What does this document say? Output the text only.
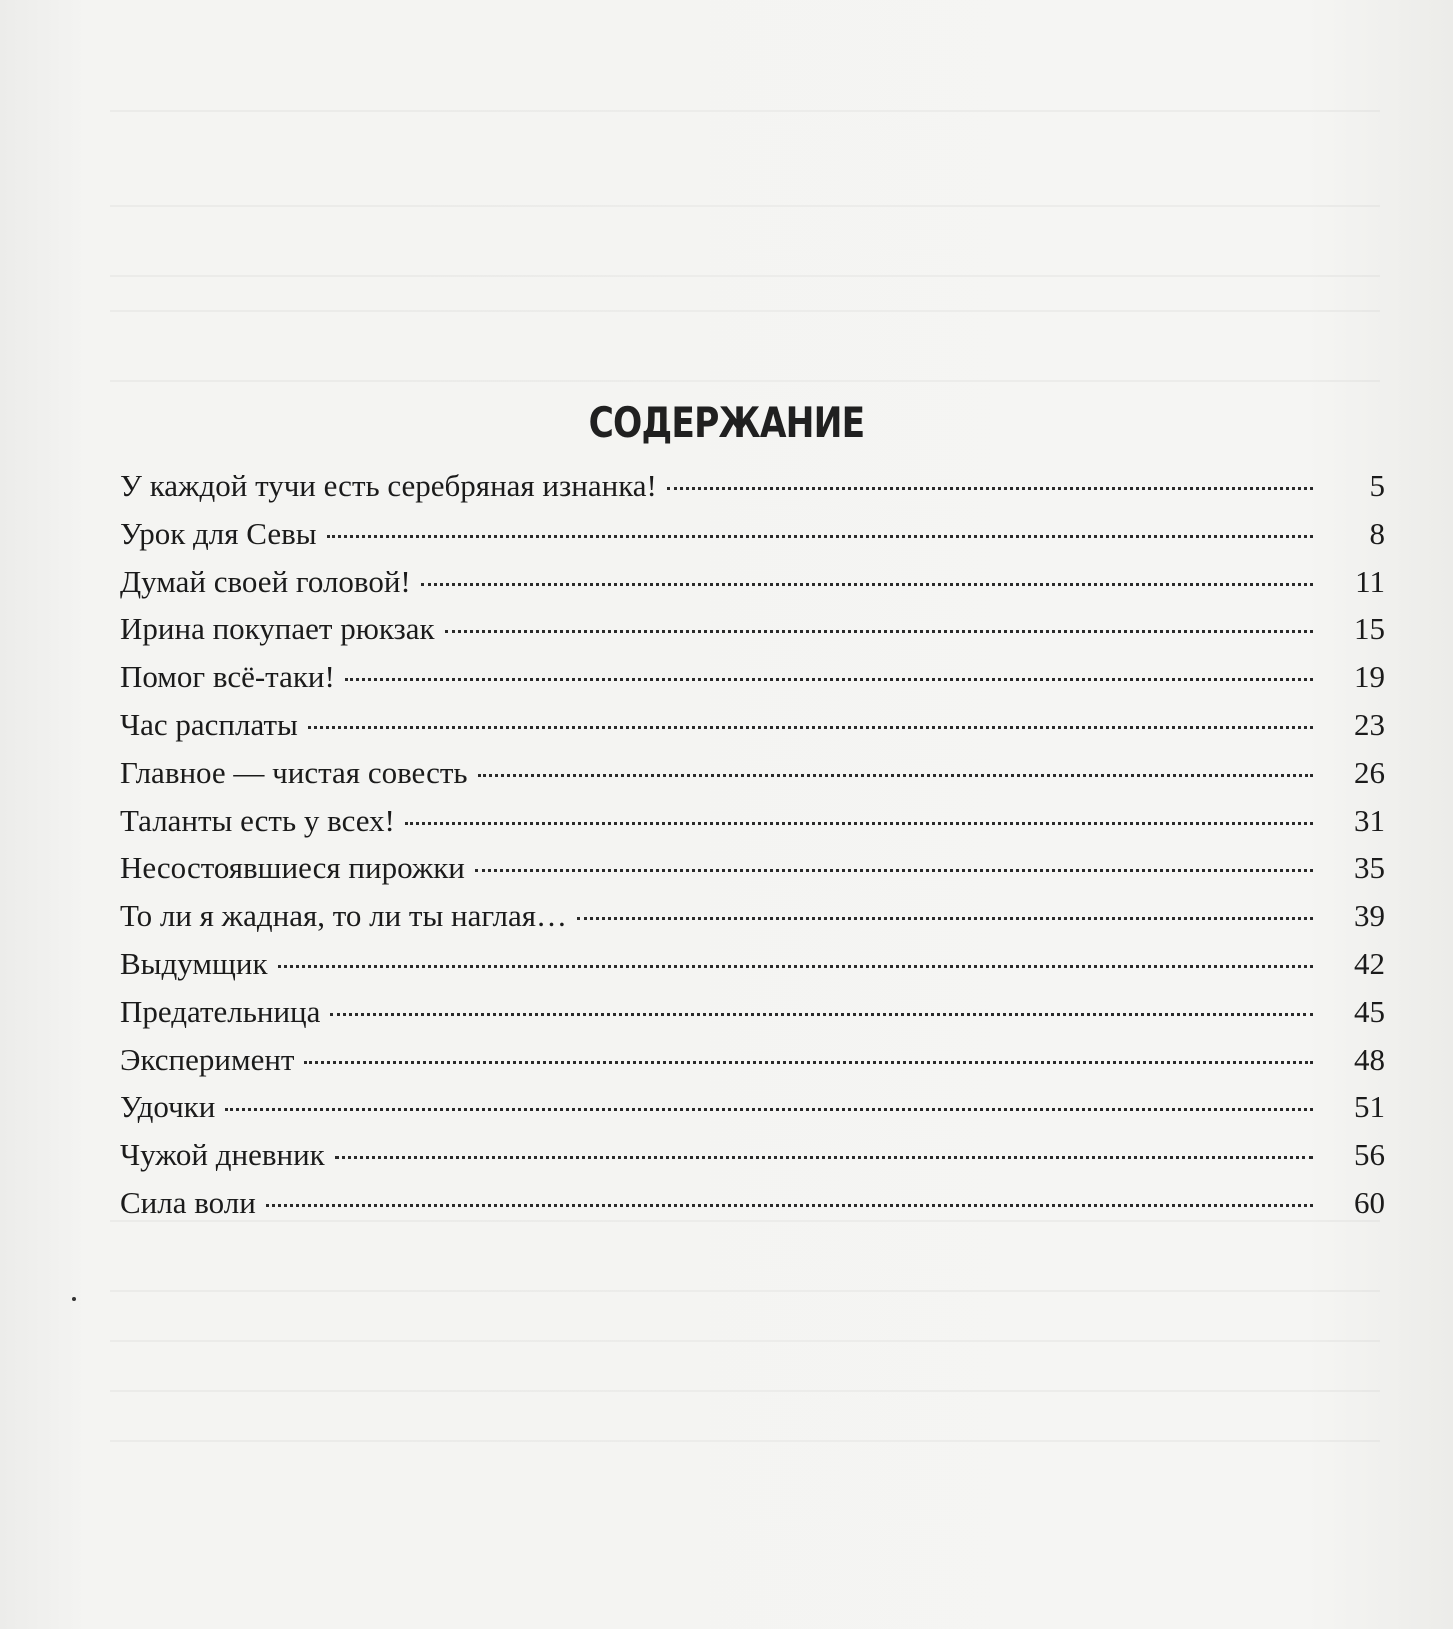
СОДЕРЖАНИЕ
У каждой тучи есть серебряная изнанка!	5
Урок для Севы	8
Думай своей головой!	11
Ирина покупает рюкзак	15
Помог всё-таки!	19
Час расплаты	23
Главное — чистая совесть	26
Таланты есть у всех!	31
Несостоявшиеся пирожки	35
То ли я жадная, то ли ты наглая…	39
Выдумщик	42
Предательница	45
Эксперимент	48
Удочки	51
Чужой дневник	56
Сила воли	60
